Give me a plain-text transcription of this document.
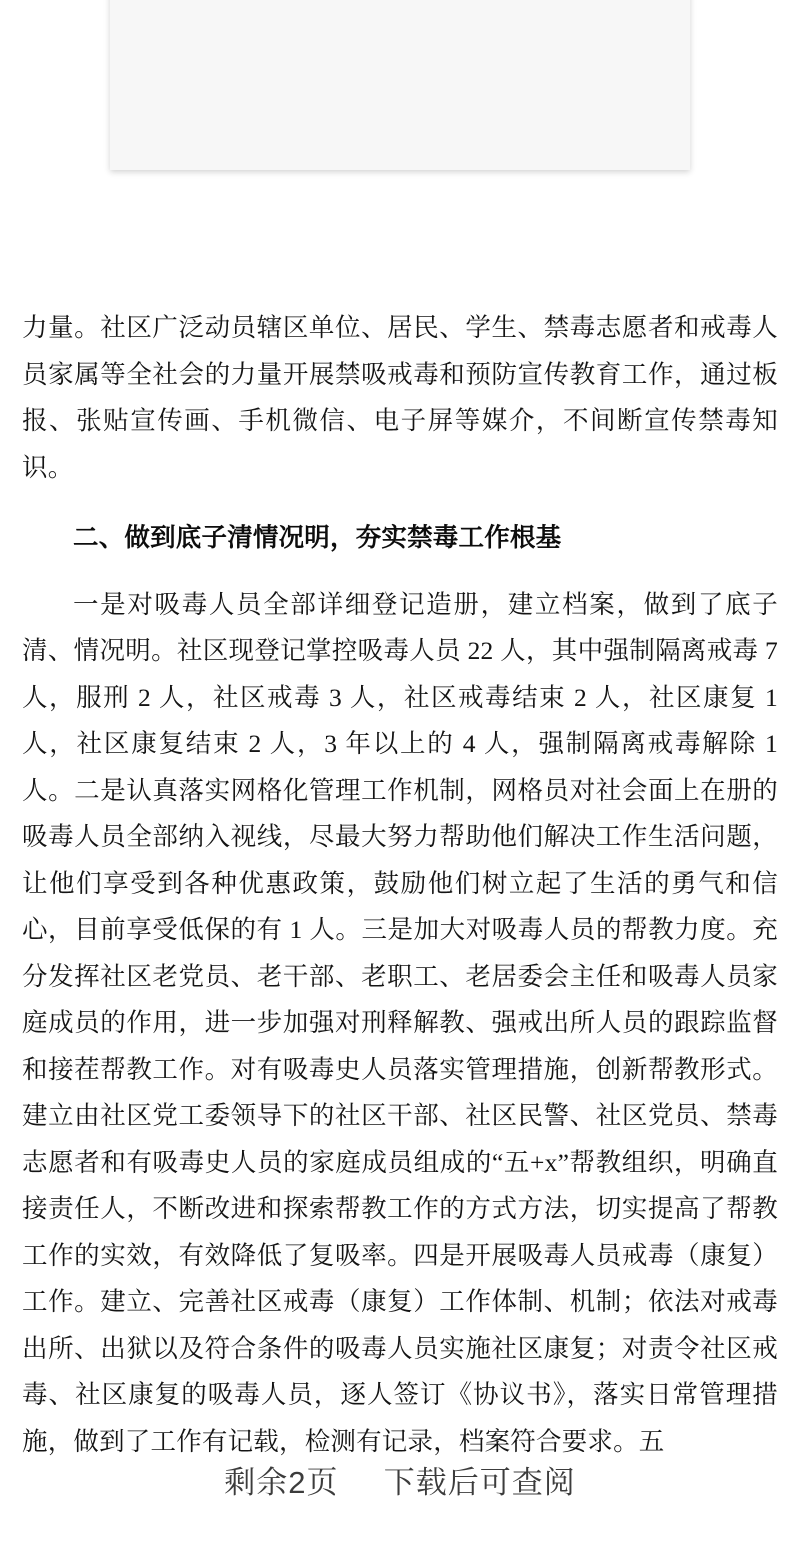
力量。社区广泛动员辖区单位、居民、学生、禁毒志愿者和戒毒人员家属等全社会的力量开展禁吸戒毒和预防宣传教育工作，通过板报、张贴宣传画、手机微信、电子屏等媒介，不间断宣传禁毒知识。

二、做到底子清情况明，夯实禁毒工作根基

一是对吸毒人员全部详细登记造册，建立档案，做到了底子清、情况明。社区现登记掌控吸毒人员 22 人，其中强制隔离戒毒 7 人，服刑 2 人，社区戒毒 3 人，社区戒毒结束 2 人，社区康复 1 人，社区康复结束 2 人，3 年以上的 4 人，强制隔离戒毒解除 1 人。二是认真落实网格化管理工作机制，网格员对社会面上在册的吸毒人员全部纳入视线，尽最大努力帮助他们解决工作生活问题，让他们享受到各种优惠政策，鼓励他们树立起了生活的勇气和信心，目前享受低保的有 1 人。三是加大对吸毒人员的帮教力度。充分发挥社区老党员、老干部、老职工、老居委会主任和吸毒人员家庭成员的作用，进一步加强对刑释解教、强戒出所人员的跟踪监督和接茬帮教工作。对有吸毒史人员落实管理措施，创新帮教形式。建立由社区党工委领导下的社区干部、社区民警、社区党员、禁毒志愿者和有吸毒史人员的家庭成员组成的“五+x”帮教组织，明确直接责任人，不断改进和探索帮教工作的方式方法，切实提高了帮教工作的实效，有效降低了复吸率。四是开展吸毒人员戒毒（康复）工作。建立、完善社区戒毒（康复）工作体制、机制；依法对戒毒出所、出狱以及符合条件的吸毒人员实施社区康复；对责令社区戒毒、社区康复的吸毒人员，逐人签订《协议书》，落实日常管理措施，做到了工作有记载，检测有记录，档案符合要求。五

剩余2页 下载后可查阅
